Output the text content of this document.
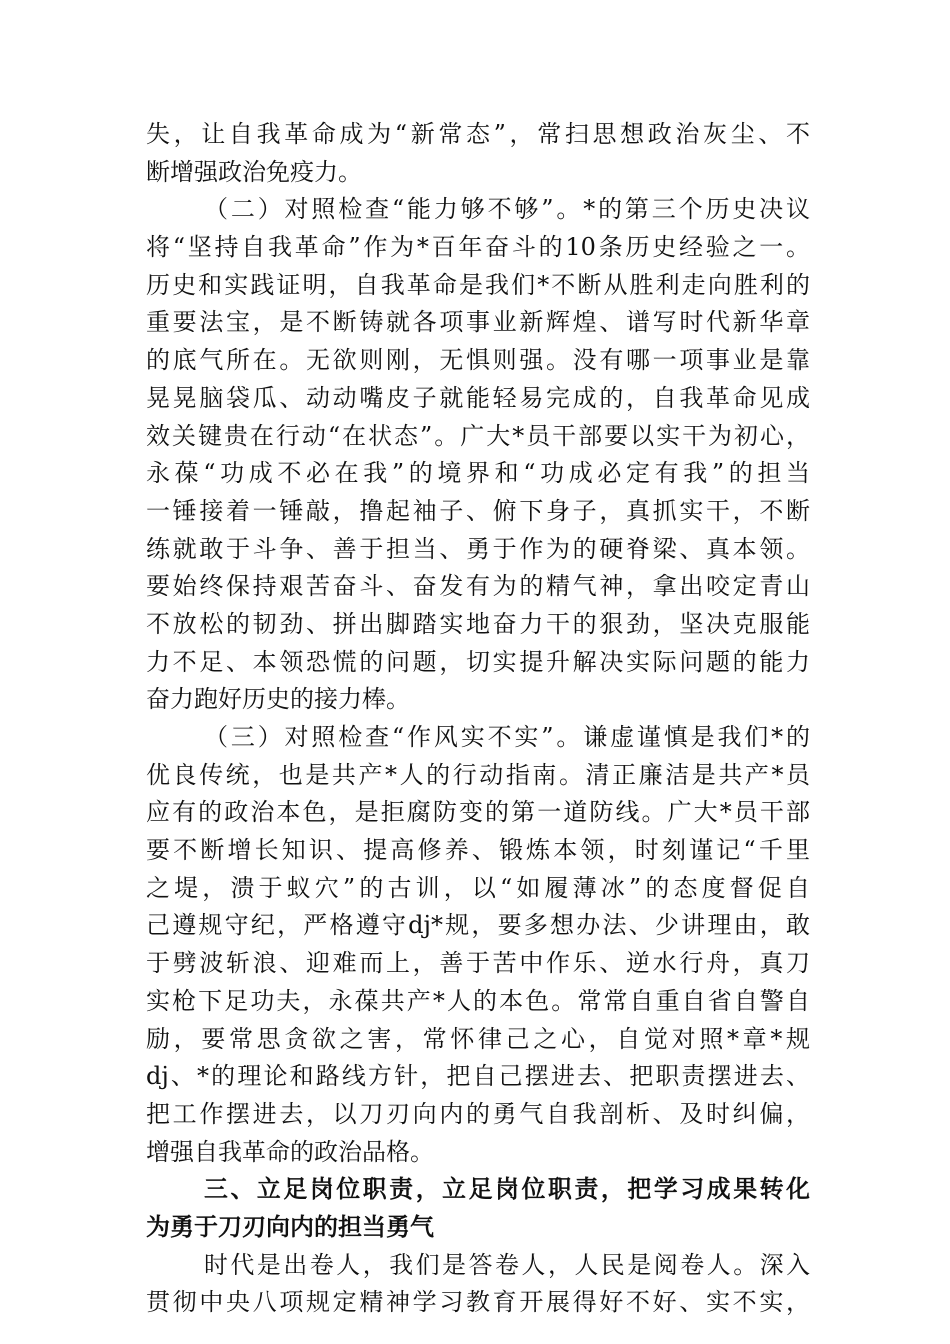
失，让自我革命成为“新常态”，常扫思想政治灰尘、不
断增强政治免疫力。
（二）对照检查“能力够不够”。*的第三个历史决议
将“坚持自我革命”作为*百年奋斗的10条历史经验之一。
历史和实践证明，自我革命是我们*不断从胜利走向胜利的
重要法宝，是不断铸就各项事业新辉煌、谱写时代新华章
的底气所在。无欲则刚，无惧则强。没有哪一项事业是靠
晃晃脑袋瓜、动动嘴皮子就能轻易完成的，自我革命见成
效关键贵在行动“在状态”。广大*员干部要以实干为初心，
永葆“功成不必在我”的境界和“功成必定有我”的担当
一锤接着一锤敲，撸起袖子、俯下身子，真抓实干，不断
练就敢于斗争、善于担当、勇于作为的硬脊梁、真本领。
要始终保持艰苦奋斗、奋发有为的精气神，拿出咬定青山
不放松的韧劲、拼出脚踏实地奋力干的狠劲，坚决克服能
力不足、本领恐慌的问题，切实提升解决实际问题的能力
奋力跑好历史的接力棒。
（三）对照检查“作风实不实”。谦虚谨慎是我们*的
优良传统，也是共产*人的行动指南。清正廉洁是共产*员
应有的政治本色，是拒腐防变的第一道防线。广大*员干部
要不断增长知识、提高修养、锻炼本领，时刻谨记“千里
之堤，溃于蚁穴”的古训，以“如履薄冰”的态度督促自
己遵规守纪，严格遵守dj*规，要多想办法、少讲理由，敢
于劈波斩浪、迎难而上，善于苦中作乐、逆水行舟，真刀
实枪下足功夫，永葆共产*人的本色。常常自重自省自警自
励，要常思贪欲之害，常怀律己之心，自觉对照*章*规
dj、*的理论和路线方针，把自己摆进去、把职责摆进去、
把工作摆进去，以刀刃向内的勇气自我剖析、及时纠偏，
增强自我革命的政治品格。
三、立足岗位职责，立足岗位职责，把学习成果转化
为勇于刀刃向内的担当勇气
时代是出卷人，我们是答卷人，人民是阅卷人。深入
贯彻中央八项规定精神学习教育开展得好不好、实不实，
